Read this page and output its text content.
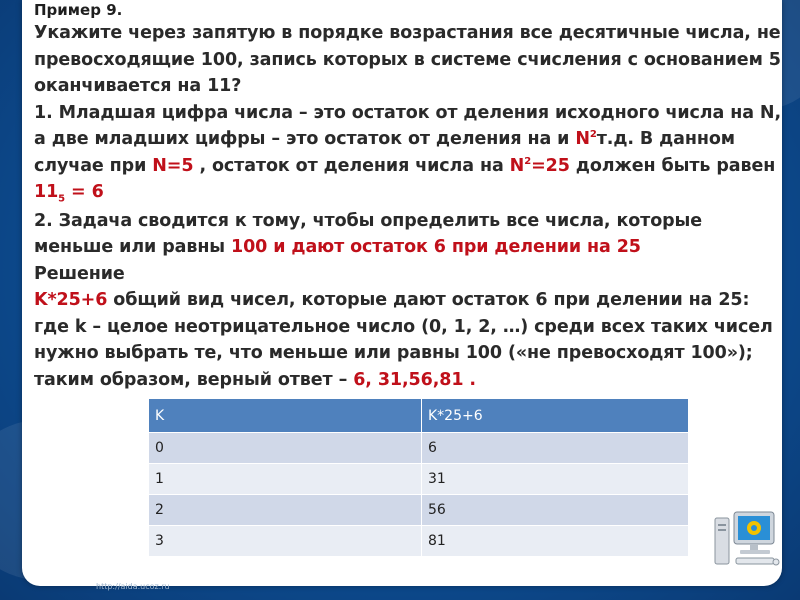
Пример 9.

Укажите через запятую в порядке возрастания все десятичные числа, не превосходящие 100, запись которых в системе счисления с основанием 5 оканчивается на 11?

1. Младшая цифра числа – это остаток от деления исходного числа на N, а две младших цифры – это остаток от деления на и $N^2т.д$. В данном случае при N=5 , остаток от деления числа на $N^2=25$ должен быть равен $11_5 = 6$

2. Задача сводится к тому, чтобы определить все числа, которые меньше или равны 100 и дают остаток 6 при делении на 25

Решение

K*25+6 общий вид чисел, которые дают остаток 6 при делении на 25:

где k – целое неотрицательное число (0, 1, 2, …) среди всех таких чисел нужно выбрать те, что меньше или равны 100 («не превосходят 100»); таким образом, верный ответ – 6, 31,56,81 .

K	K*25+6
0	6
1	31
2	56
3	81
http://aida.ucoz.ru
